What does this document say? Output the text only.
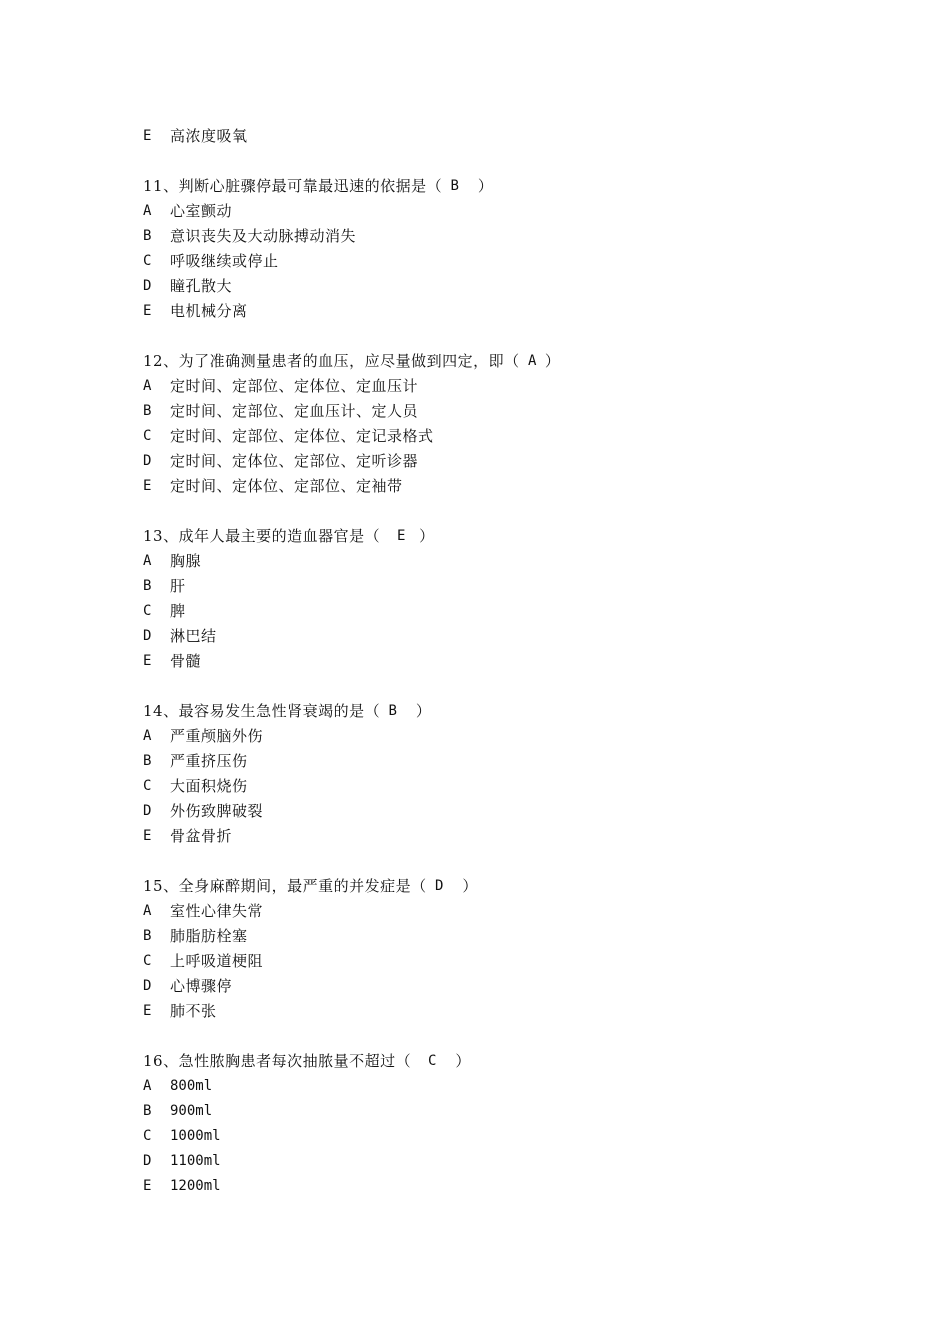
E	高浓度吸氧
11、判断心脏骤停最可靠最迅速的依据是（ B ）
A	心室颤动
B	意识丧失及大动脉搏动消失
C	呼吸继续或停止
D	瞳孔散大
E	电机械分离
12、为了准确测量患者的血压，应尽量做到四定，即（ A ）
A	定时间、定部位、定体位、定血压计
B	定时间、定部位、定血压计、定人员
C	定时间、定部位、定体位、定记录格式
D	定时间、定体位、定部位、定听诊器
E	定时间、定体位、定部位、定袖带
13、成年人最主要的造血器官是（ E ）
A	胸腺
B	肝
C	脾
D	淋巴结
E	骨髓
14、最容易发生急性肾衰竭的是（ B ）
A	严重颅脑外伤
B	严重挤压伤
C	大面积烧伤
D	外伤致脾破裂
E	骨盆骨折
15、全身麻醉期间，最严重的并发症是（ D ）
A	室性心律失常
B	肺脂肪栓塞
C	上呼吸道梗阻
D	心博骤停
E	肺不张
16、急性脓胸患者每次抽脓量不超过（ C ）
A	800ml
B	900ml
C	1000ml
D	1100ml
E	1200ml
